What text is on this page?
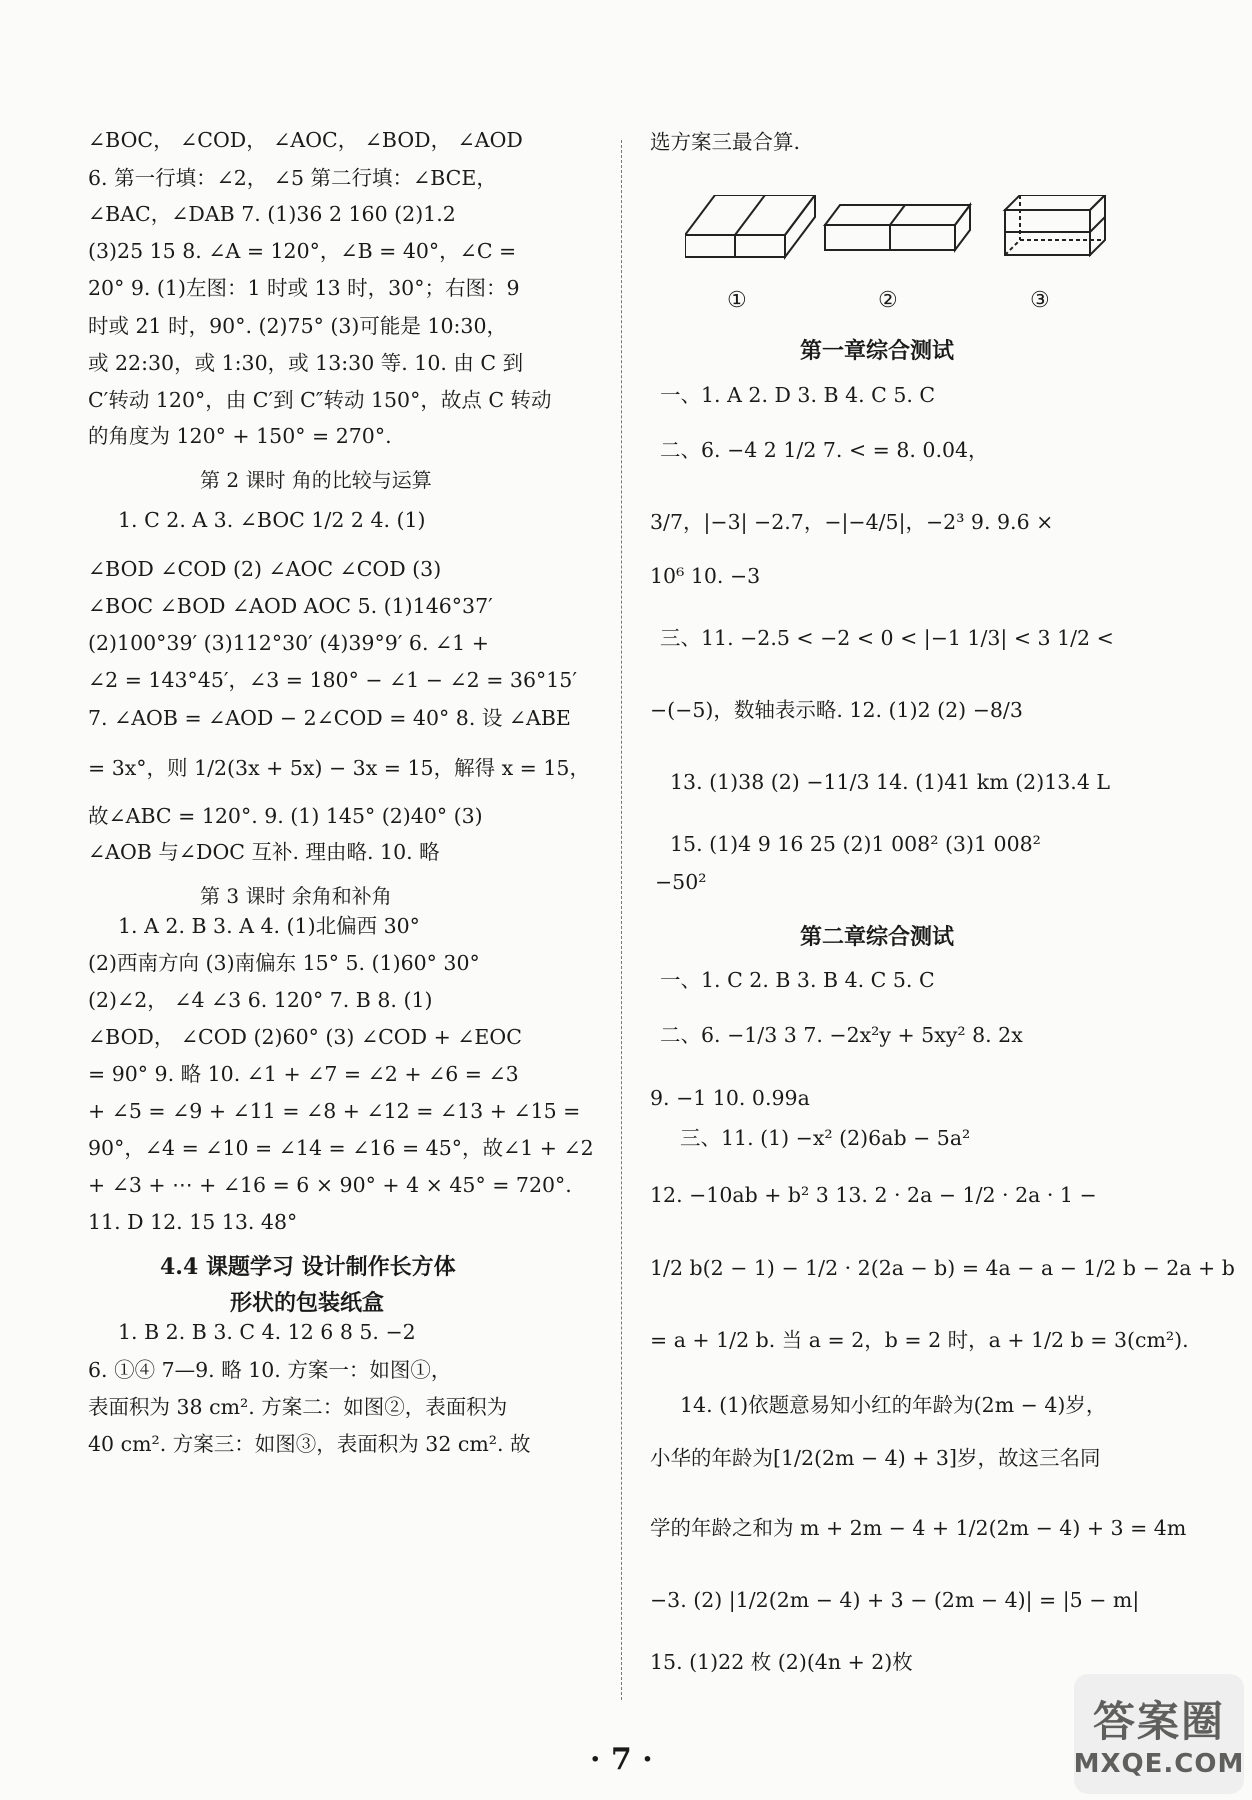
∠BOC， ∠COD， ∠AOC， ∠BOD， ∠AOD
6. 第一行填：∠2， ∠5 第二行填：∠BCE，
∠BAC，∠DAB 7. (1)36 2 160 (2)1.2
(3)25 15 8. ∠A = 120°，∠B = 40°，∠C =
20° 9. (1)左图：1 时或 13 时，30°；右图：9
时或 21 时，90°. (2)75° (3)可能是 10:30，
或 22:30，或 1:30，或 13:30 等. 10. 由 C 到
C′转动 120°，由 C′到 C″转动 150°，故点 C 转动
的角度为 120° + 150° = 270°.
第 2 课时 角的比较与运算
1. C 2. A 3. ∠BOC 1/2 2 4. (1)
∠BOD ∠COD (2) ∠AOC ∠COD (3)
∠BOC ∠BOD ∠AOD AOC 5. (1)146°37′
(2)100°39′ (3)112°30′ (4)39°9′ 6. ∠1 +
∠2 = 143°45′，∠3 = 180° − ∠1 − ∠2 = 36°15′
7. ∠AOB = ∠AOD − 2∠COD = 40° 8. 设 ∠ABE
= 3x°，则 1/2(3x + 5x) − 3x = 15，解得 x = 15，
故∠ABC = 120°. 9. (1) 145° (2)40° (3)
∠AOB 与∠DOC 互补. 理由略. 10. 略
第 3 课时 余角和补角
1. A 2. B 3. A 4. (1)北偏西 30°
(2)西南方向 (3)南偏东 15° 5. (1)60° 30°
(2)∠2， ∠4 ∠3 6. 120° 7. B 8. (1)
∠BOD， ∠COD (2)60° (3) ∠COD + ∠EOC
= 90° 9. 略 10. ∠1 + ∠7 = ∠2 + ∠6 = ∠3
+ ∠5 = ∠9 + ∠11 = ∠8 + ∠12 = ∠13 + ∠15 =
90°，∠4 = ∠10 = ∠14 = ∠16 = 45°，故∠1 + ∠2
+ ∠3 + ⋯ + ∠16 = 6 × 90° + 4 × 45° = 720°.
11. D 12. 15 13. 48°
4.4 课题学习 设计制作长方体
形状的包装纸盒
1. B 2. B 3. C 4. 12 6 8 5. −2
6. ①④ 7—9. 略 10. 方案一：如图①，
表面积为 38 cm². 方案二：如图②，表面积为
40 cm². 方案三：如图③，表面积为 32 cm². 故
选方案三最合算.
①	②	③
第一章综合测试
一、1. A 2. D 3. B 4. C 5. C
二、6. −4 2 1/2 7. < = 8. 0.04，
3/7，|−3| −2.7，−|−4/5|，−2³ 9. 9.6 ×
10⁶ 10. −3
三、11. −2.5 < −2 < 0 < |−1 1/3| < 3 1/2 <
−(−5)，数轴表示略. 12. (1)2 (2) −8/3
13. (1)38 (2) −11/3 14. (1)41 km (2)13.4 L
15. (1)4 9 16 25 (2)1 008² (3)1 008²
−50²
第二章综合测试
一、1. C 2. B 3. B 4. C 5. C
二、6. −1/3 3 7. −2x²y + 5xy² 8. 2x
9. −1 10. 0.99a
三、11. (1) −x² (2)6ab − 5a²
12. −10ab + b² 3 13. 2 · 2a − 1/2 · 2a · 1 −
1/2 b(2 − 1) − 1/2 · 2(2a − b) = 4a − a − 1/2 b − 2a + b
= a + 1/2 b. 当 a = 2，b = 2 时，a + 1/2 b = 3(cm²).
14. (1)依题意易知小红的年龄为(2m − 4)岁，
小华的年龄为[1/2(2m − 4) + 3]岁，故这三名同
学的年龄之和为 m + 2m − 4 + 1/2(2m − 4) + 3 = 4m
−3. (2) |1/2(2m − 4) + 3 − (2m − 4)| = |5 − m|
15. (1)22 枚 (2)(4n + 2)枚
· 7 ·
答案圈
MXQE.COM
